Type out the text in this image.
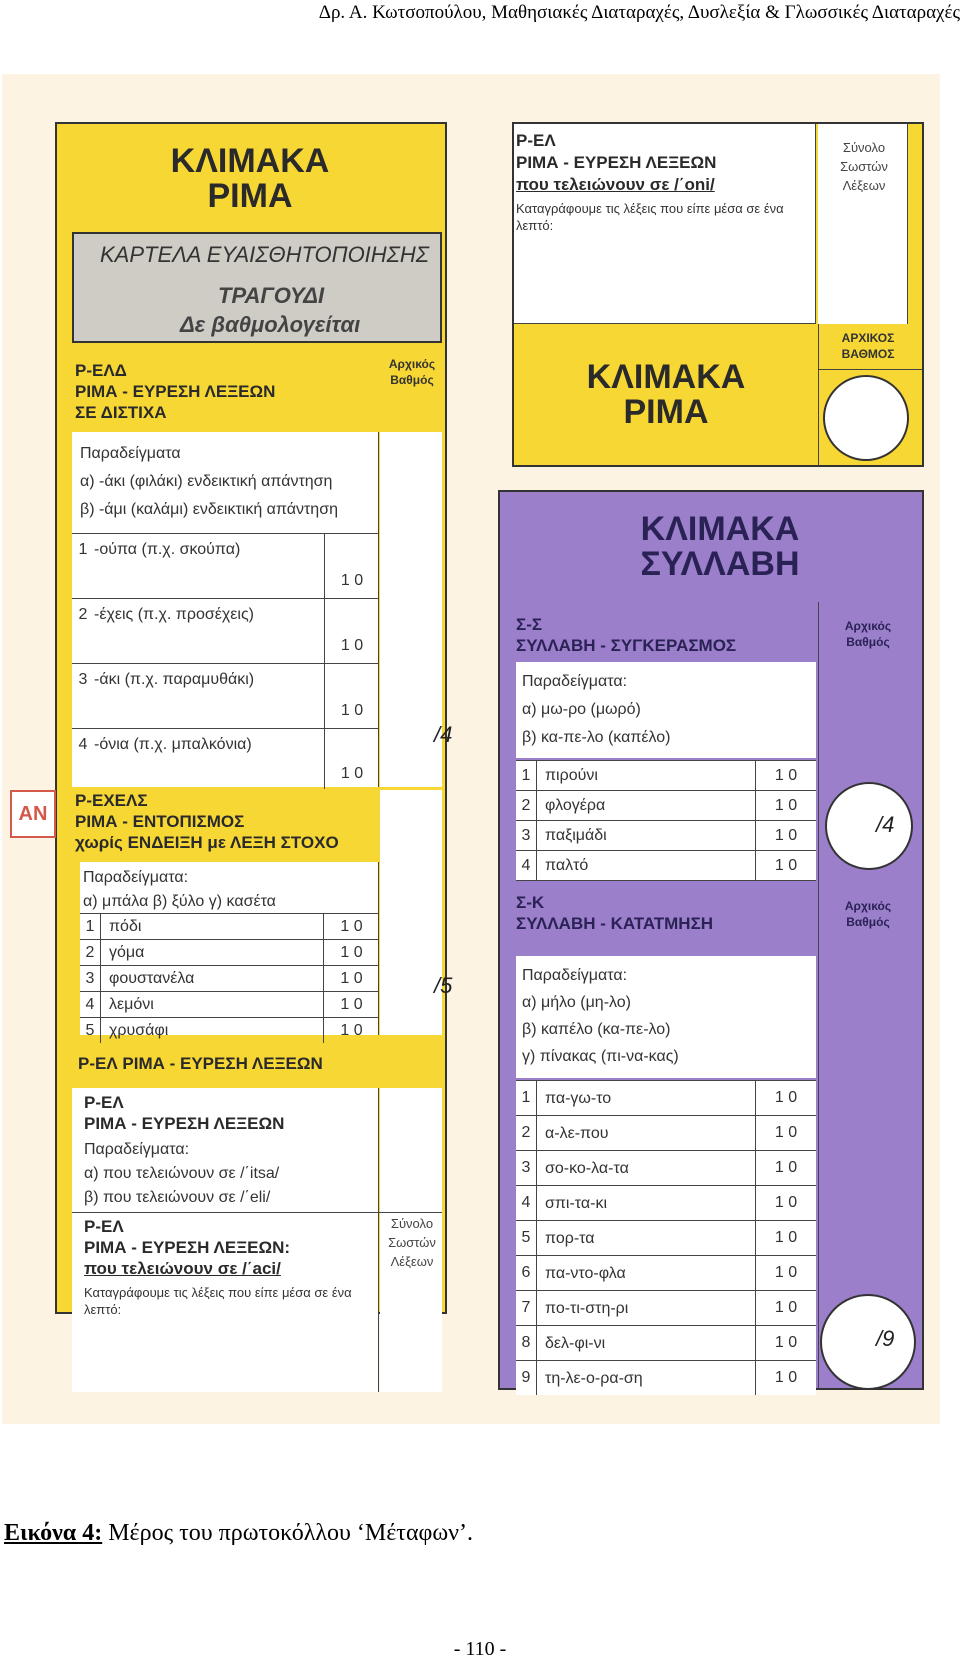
Δρ. Α. Κωτσοπούλου, Μαθησιακές Διαταραχές, Δυσλεξία & Γλωσσικές Διαταραχές
ΚΛΙΜΑΚΑ
ΡΙΜΑ
ΚΑΡΤΕΛΑ ΕΥΑΙΣΘΗΤΟΠΟΙΗΣΗΣ
ΤΡΑΓΟΥΔΙ
Δε βαθμολογείται
Ρ-ΕΛΔ
ΡΙΜΑ - ΕΥΡΕΣΗ ΛΕΞΕΩΝ
ΣΕ ΔΙΣΤΙΧΑ
Αρχικός
Βαθμός
Παραδείγματα
α) -άκι (φιλάκι) ενδεικτική απάντηση
β) -άμι (καλάμι) ενδεικτική απάντηση
1 -ούπα (π.χ. σκούπα)
1 0
2 -έχεις (π.χ. προσέχεις)
1 0
3 -άκι (π.χ. παραμυθάκι)
1 0
4 -όνια (π.χ. μπαλκόνια)
1 0
/4
ΑΝ
Ρ-ΕΧΕΛΣ
ΡΙΜΑ - ΕΝΤΟΠΙΣΜΟΣ
χωρίς ΕΝΔΕΙΞΗ με ΛΕΞΗ ΣΤΟΧΟ
Παραδείγματα:
α) μπάλα β) ξύλο γ) κασέτα
1 πόδι	1 0
2 γόμα	1 0
3 φουστανέλα	1 0
4 λεμόνι	1 0
5 χρυσάφι	1 0
/5
Ρ-ΕΛ ΡΙΜΑ - ΕΥΡΕΣΗ ΛΕΞΕΩΝ
Ρ-ΕΛ
ΡΙΜΑ - ΕΥΡΕΣΗ ΛΕΞΕΩΝ
Παραδείγματα:
α) που τελειώνουν σε /΄itsa/
β) που τελειώνουν σε /΄eli/
Ρ-ΕΛ
ΡΙΜΑ - ΕΥΡΕΣΗ ΛΕΞΕΩΝ:
που τελειώνουν σε /΄aci/
Καταγράφουμε τις λέξεις που είπε μέσα σε ένα λεπτό:
Σύνολο
Σωστών
Λέξεων
Ρ-ΕΛ
ΡΙΜΑ - ΕΥΡΕΣΗ ΛΕΞΕΩΝ
που τελειώνουν σε /΄oni/
Καταγράφουμε τις λέξεις που είπε μέσα σε ένα λεπτό:
Σύνολο
Σωστών
Λέξεων
ΚΛΙΜΑΚΑ
ΡΙΜΑ
ΑΡΧΙΚΟΣ
ΒΑΘΜΟΣ
ΚΛΙΜΑΚΑ
ΣΥΛΛΑΒΗ
Σ-Σ
ΣΥΛΛΑΒΗ - ΣΥΓΚΕΡΑΣΜΟΣ
Αρχικός
Βαθμός
Παραδείγματα:
α) μω-ρο (μωρό)
β) κα-πε-λο (καπέλο)
1 πιρούνι	1 0
2 φλογέρα	1 0
3 παξιμάδι	1 0
4 παλτό	1 0
/4
Σ-Κ
ΣΥΛΛΑΒΗ - ΚΑΤΑΤΜΗΣΗ
Αρχικός
Βαθμός
Παραδείγματα:
α) μήλο (μη-λο)
β) καπέλο (κα-πε-λο)
γ) πίνακας (πι-να-κας)
1 πα-γω-το	1 0
2 α-λε-που	1 0
3 σο-κο-λα-τα	1 0
4 σπι-τα-κι	1 0
5 πορ-τα	1 0
6 πα-ντο-φλα	1 0
7 πο-τι-στη-ρι	1 0
8 δελ-φι-νι	1 0
9 τη-λε-ο-ρα-ση	1 0
/9
Εικόνα 4: Μέρος του πρωτοκόλλου ‘Μέταφων’.
- 110 -
